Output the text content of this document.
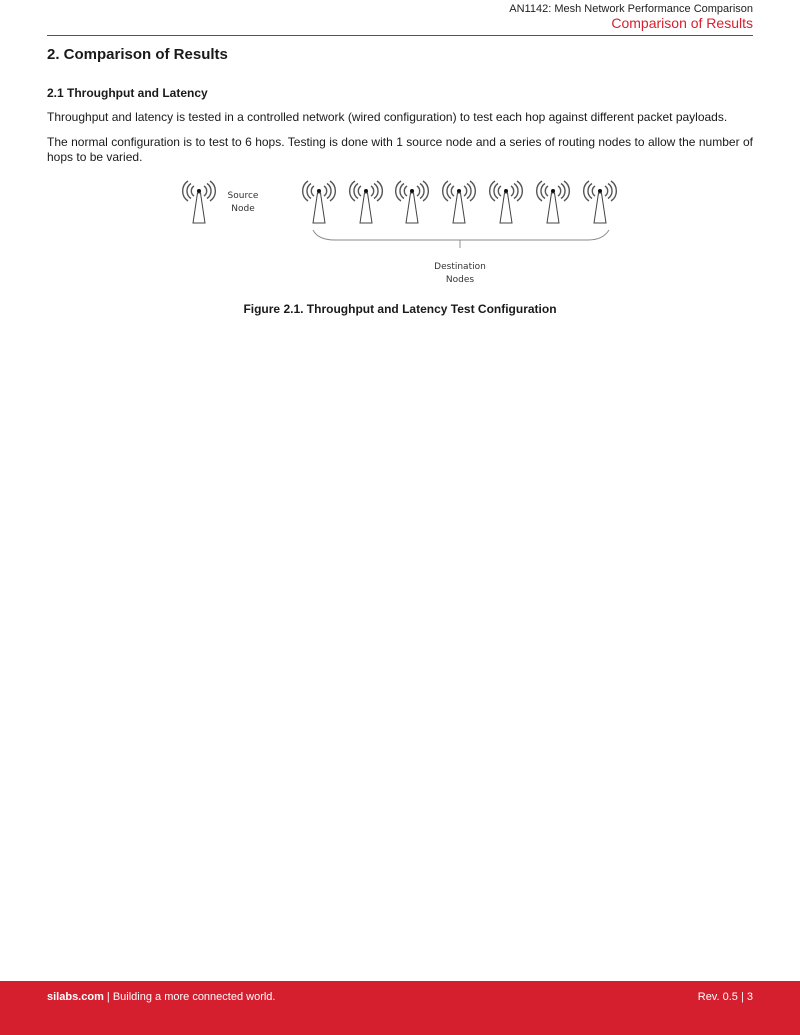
AN1142: Mesh Network Performance Comparison
Comparison of Results
2. Comparison of Results
2.1 Throughput and Latency
Throughput and latency is tested in a controlled network (wired configuration) to test each hop against different packet payloads.
The normal configuration is to test to 6 hops. Testing is done with 1 source node and a series of routing nodes to allow the number of hops to be varied.
Source
Node
Destination
Nodes
Figure 2.1. Throughput and Latency Test Configuration
silabs.com | Building a more connected world.	Rev. 0.5 | 3
